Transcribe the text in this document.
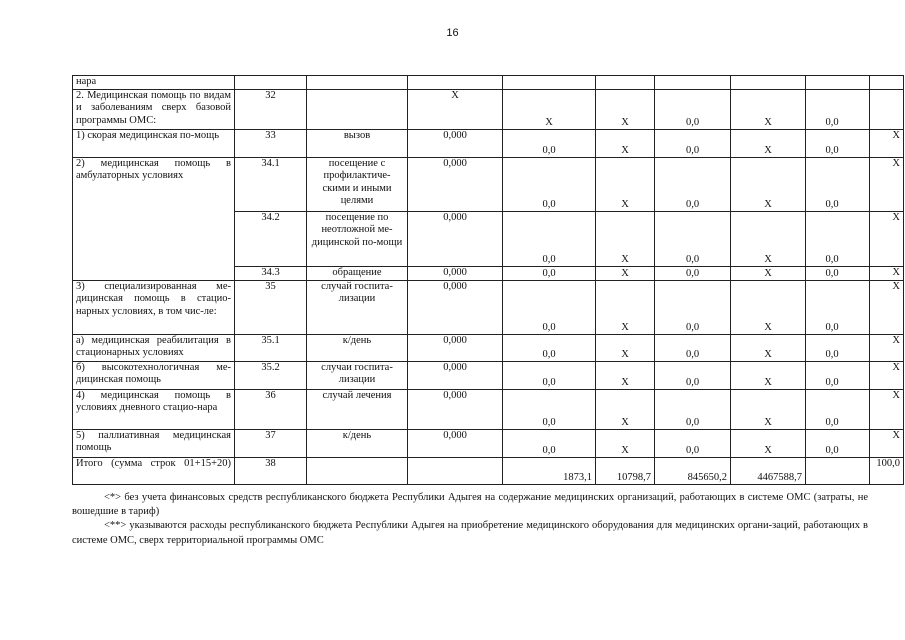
16
нара									
2. Медицинская помощь по видам и заболеваниям сверх базовой программы ОМС:	32		Х	Х	Х	0,0	Х	0,0	
1) скорая медицинская по-мощь	33	вызов	0,000	0,0	Х	0,0	Х	0,0	Х
2) медицинская помощь в амбулаторных условиях	34.1	посещение с профилактиче-скими и иными целями	0,000	0,0	Х	0,0	Х	0,0	Х
	34.2	посещение по неотложной ме-дицинской по-мощи	0,000	0,0	Х	0,0	Х	0,0	Х
	34.3	обращение	0,000	0,0	Х	0,0	Х	0,0	Х
3) специализированная ме-дицинская помощь в стацио-нарных условиях, в том чис-ле:	35	случай госпита-лизации	0,000	0,0	Х	0,0	Х	0,0	Х
а) медицинская реабилитация в стационарных условиях	35.1	к/день	0,000	0,0	Х	0,0	Х	0,0	Х
б) высокотехнологичная ме-дицинская помощь	35.2	случаи госпита-лизации	0,000	0,0	Х	0,0	Х	0,0	Х
4) медицинская помощь в условиях дневного стацио-нара	36	случай лечения	0,000	0,0	Х	0,0	Х	0,0	Х
5) паллиативная медицинская помощь	37	к/день	0,000	0,0	Х	0,0	Х	0,0	Х
Итого (сумма строк 01+15+20)	38			1873,1	10798,7	845650,2	4467588,7		100,0

<*> без учета финансовых средств республиканского бюджета Республики Адыгея на содержание медицинских организаций, работающих в системе ОМС (затраты, не вошедшие в тариф)

<**> указываются расходы республиканского бюджета Республики Адыгея на приобретение медицинского оборудования для медицинских органи-заций, работающих в системе ОМС, сверх территориальной программы ОМС
